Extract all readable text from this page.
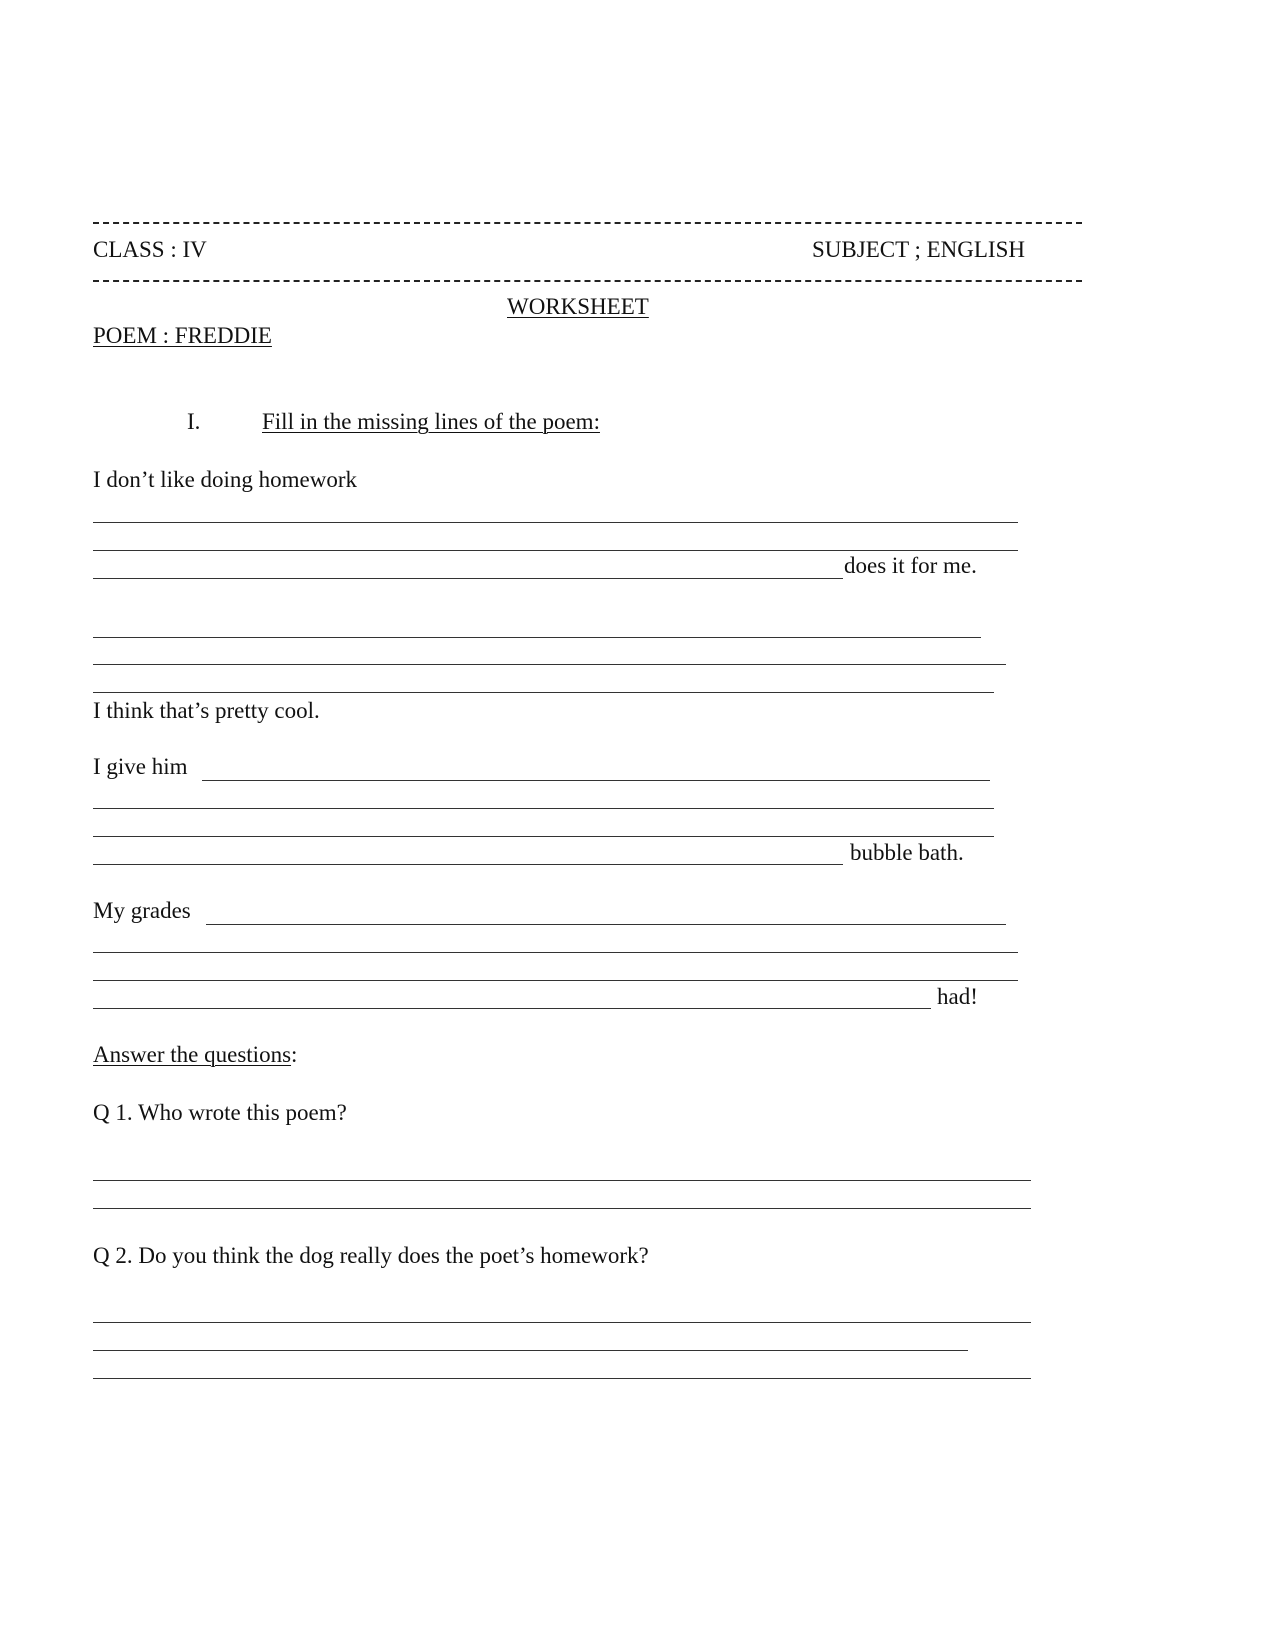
CLASS : IV	SUBJECT ; ENGLISH
WORKSHEET
POEM : FREDDIE
I.	Fill in the missing lines of the poem:
I don’t like doing homework
does it for me.
I think that’s pretty cool.
I give him
bubble bath.
My grades
had!
Answer the questions:
Q 1. Who wrote this poem?
Q 2. Do you think the dog really does the poet’s homework?
